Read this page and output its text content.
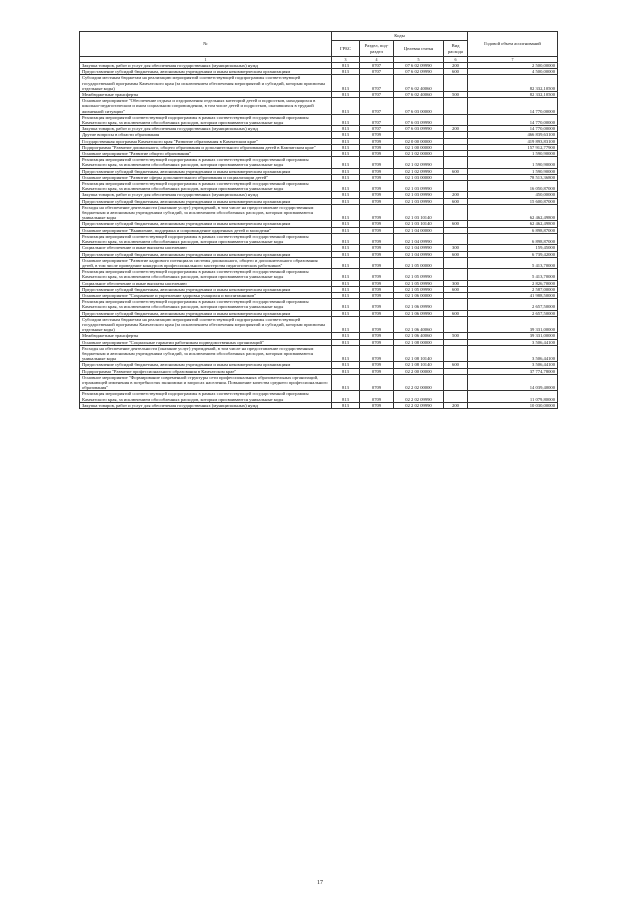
№	Коды				Годовой объем ассигнований
	ГРБС	Раздел, под-раздел	Целевая статья	Вид расхода	
1	3	4	5	6	7
Закупка товаров, работ и услуг для обеспечения государственных (муниципальных) нужд	813	0707	07 6 02 09990	200	2 500,00000
Предоставление субсидий бюджетным, автономным учреждениям и иным некоммерческим организациям	813	0707	07 6 02 09990	600	4 500,00000
Субсидии местным бюджетам на реализацию мероприятий соответствующей подпрограммы соответствующей государственной программы Камчатского края (за исключением обеспечения мероприятий и субсидий, которым присвоены отдельные коды)	813	0707	07 6 02 40060		82 332,10500
Межбюджетные трансферты	813	0707	07 6 02 40060	500	82 332,10500
Основное мероприятие "Обеспечение отдыха и оздоровления отдельных категорий детей и подростков, находящихся в школьно-педагогическом и ином социальном сопровождении, в том числе детей и подростков, оказавшихся в трудной жизненной ситуации"	813	0707	07 6 03 00000		14 770,00000
Реализация мероприятий соответствующей подпрограммы в рамках соответствующей государственной программы Камчатского края, за исключением обособленных расходов, которым присваиваются уникальные коды	813	0707	07 6 03 09990		14 770,00000
Закупка товаров, работ и услуг для обеспечения государственных (муниципальных) нужд	813	0707	07 6 03 09990	200	14 770,00000
Другие вопросы в области образования	813	0709			466 839,63100
Государственная программа Камчатского края "Развитие образования в Камчатском крае"	813	0709	02 0 00 00000		419 893,83100
Подпрограмма "Развитие дошкольного, общего образования и дополнительного образования детей в Камчатском крае"	813	0709	02 1 00 00000		157 912,77900
Основное мероприятие "Развитие общего образования"	813	0709	02 1 02 00000		1 590,90000
Реализация мероприятий соответствующей подпрограммы в рамках соответствующей государственной программы Камчатского края, за исключением обособленных расходов, которым присваиваются уникальные коды	813	0709	02 1 02 09990		1 590,90000
Предоставление субсидий бюджетным, автономным учреждениям и иным некоммерческим организациям	813	0709	02 1 02 09990	600	1 590,90000
Основное мероприятие "Развитие сферы дополнительного образования и социализации детей"	813	0709	02 1 03 00000		78 513,36800
Реализация мероприятий соответствующей подпрограммы в рамках соответствующей государственной программы Камчатского края, за исключением обособленных расходов, которым присваиваются уникальные коды	813	0709	02 1 03 09990		16 050,87000
Закупка товаров, работ и услуг для обеспечения государственных (муниципальных) нужд	813	0709	02 1 03 09990	200	450,00000
Предоставление субсидий бюджетным, автономным учреждениям и иным некоммерческим организациям	813	0709	02 1 03 09990	600	15 600,87000
Расходы на обеспечение деятельности (оказание услуг) учреждений, в том числе на предоставление государственным бюджетным и автономным учреждениям субсидий, за исключением обособленных расходов, которым присваиваются уникальные коды	813	0709	02 1 03 10140		62 462,49800
Предоставление субсидий бюджетным, автономным учреждениям и иным некоммерческим организациям	813	0709	02 1 03 10140	600	62 462,49800
Основное мероприятие "Выявление, поддержка и сопровождение одаренных детей и молодежи"	813	0709	02 1 04 00000		6 898,87000
Реализация мероприятий соответствующей подпрограммы в рамках соответствующей государственной программы Камчатского края, за исключением обособленных расходов, которым присваиваются уникальные коды	813	0709	02 1 04 09990		6 898,87000
Социальное обеспечение и иные выплаты населению	813	0709	02 1 04 09990	300	159,45000
Предоставление субсидий бюджетным, автономным учреждениям и иным некоммерческим организациям	813	0709	02 1 04 09990	600	6 739,42000
Основное мероприятие "Развитие кадрового потенциала системы дошкольного, общего и дополнительного образования детей, в том числе проведение конкурсов профессионального мастерства педагогических работников"	813	0709	02 1 05 00000		5 413,70000
Реализация мероприятий соответствующей подпрограммы в рамках соответствующей государственной программы Камчатского края, за исключением обособленных расходов, которым присваиваются уникальные коды	813	0709	02 1 05 09990		5 413,70000
Социальное обеспечение и иные выплаты населению	813	0709	02 1 05 09990	300	2 826,70000
Предоставление субсидий бюджетным, автономным учреждениям и иным некоммерческим организациям	813	0709	02 1 05 09990	600	2 587,00000
Основное мероприятие "Сохранение и укрепление здоровья учащихся и воспитанников"	813	0709	02 1 06 00000		41 988,50000
Реализация мероприятий соответствующей подпрограммы в рамках соответствующей государственной программы Камчатского края, за исключением обособленных расходов, которым присваиваются уникальные коды	813	0709	02 1 06 09990		2 657,50000
Предоставление субсидий бюджетным, автономным учреждениям и иным некоммерческим организациям	813	0709	02 1 06 09990	600	2 657,50000
Субсидии местным бюджетам на реализацию мероприятий соответствующей подпрограммы соответствующей государственной программы Камчатского края (за исключением обеспечения мероприятий и субсидий, которым присвоены отдельные коды)	813	0709	02 1 06 40060		39 331,00000
Межбюджетные трансферты	813	0709	02 1 06 40060	500	39 331,00000
Основное мероприятие "Социальные гарантии работникам подведомственных организаций"	813	0709	02 1 08 00000		3 506,44100
Расходы на обеспечение деятельности (оказание услуг) учреждений, в том числе на предоставление государственным бюджетным и автономным учреждениям субсидий, за исключением обособленных расходов, которым присваиваются уникальные коды	813	0709	02 1 08 10140		3 506,44100
Предоставление субсидий бюджетным, автономным учреждениям и иным некоммерческим организациям	813	0709	02 1 08 10140	600	3 506,44100
Подпрограмма "Развитие профессионального образования в Камчатском крае"	813	0709	02 2 00 00000		37 774,78000
Основное мероприятие "Формирование современной структуры сети профессиональных образовательных организаций, отражающей изменения в потребностях экономики и запросах населения. Повышение качества среднего профессионального образования"	813	0709	02 2 02 00000		14 039,40000
Реализация мероприятий соответствующей подпрограммы в рамках соответствующей государственной программы Камчатского края, за исключением обособленных расходов, которым присваиваются уникальные коды	813	0709	02 2 02 09990		11 079,80000
Закупка товаров, работ и услуг для обеспечения государственных (муниципальных) нужд	813	0709	02 2 02 09990	200	10 030,00000
17
